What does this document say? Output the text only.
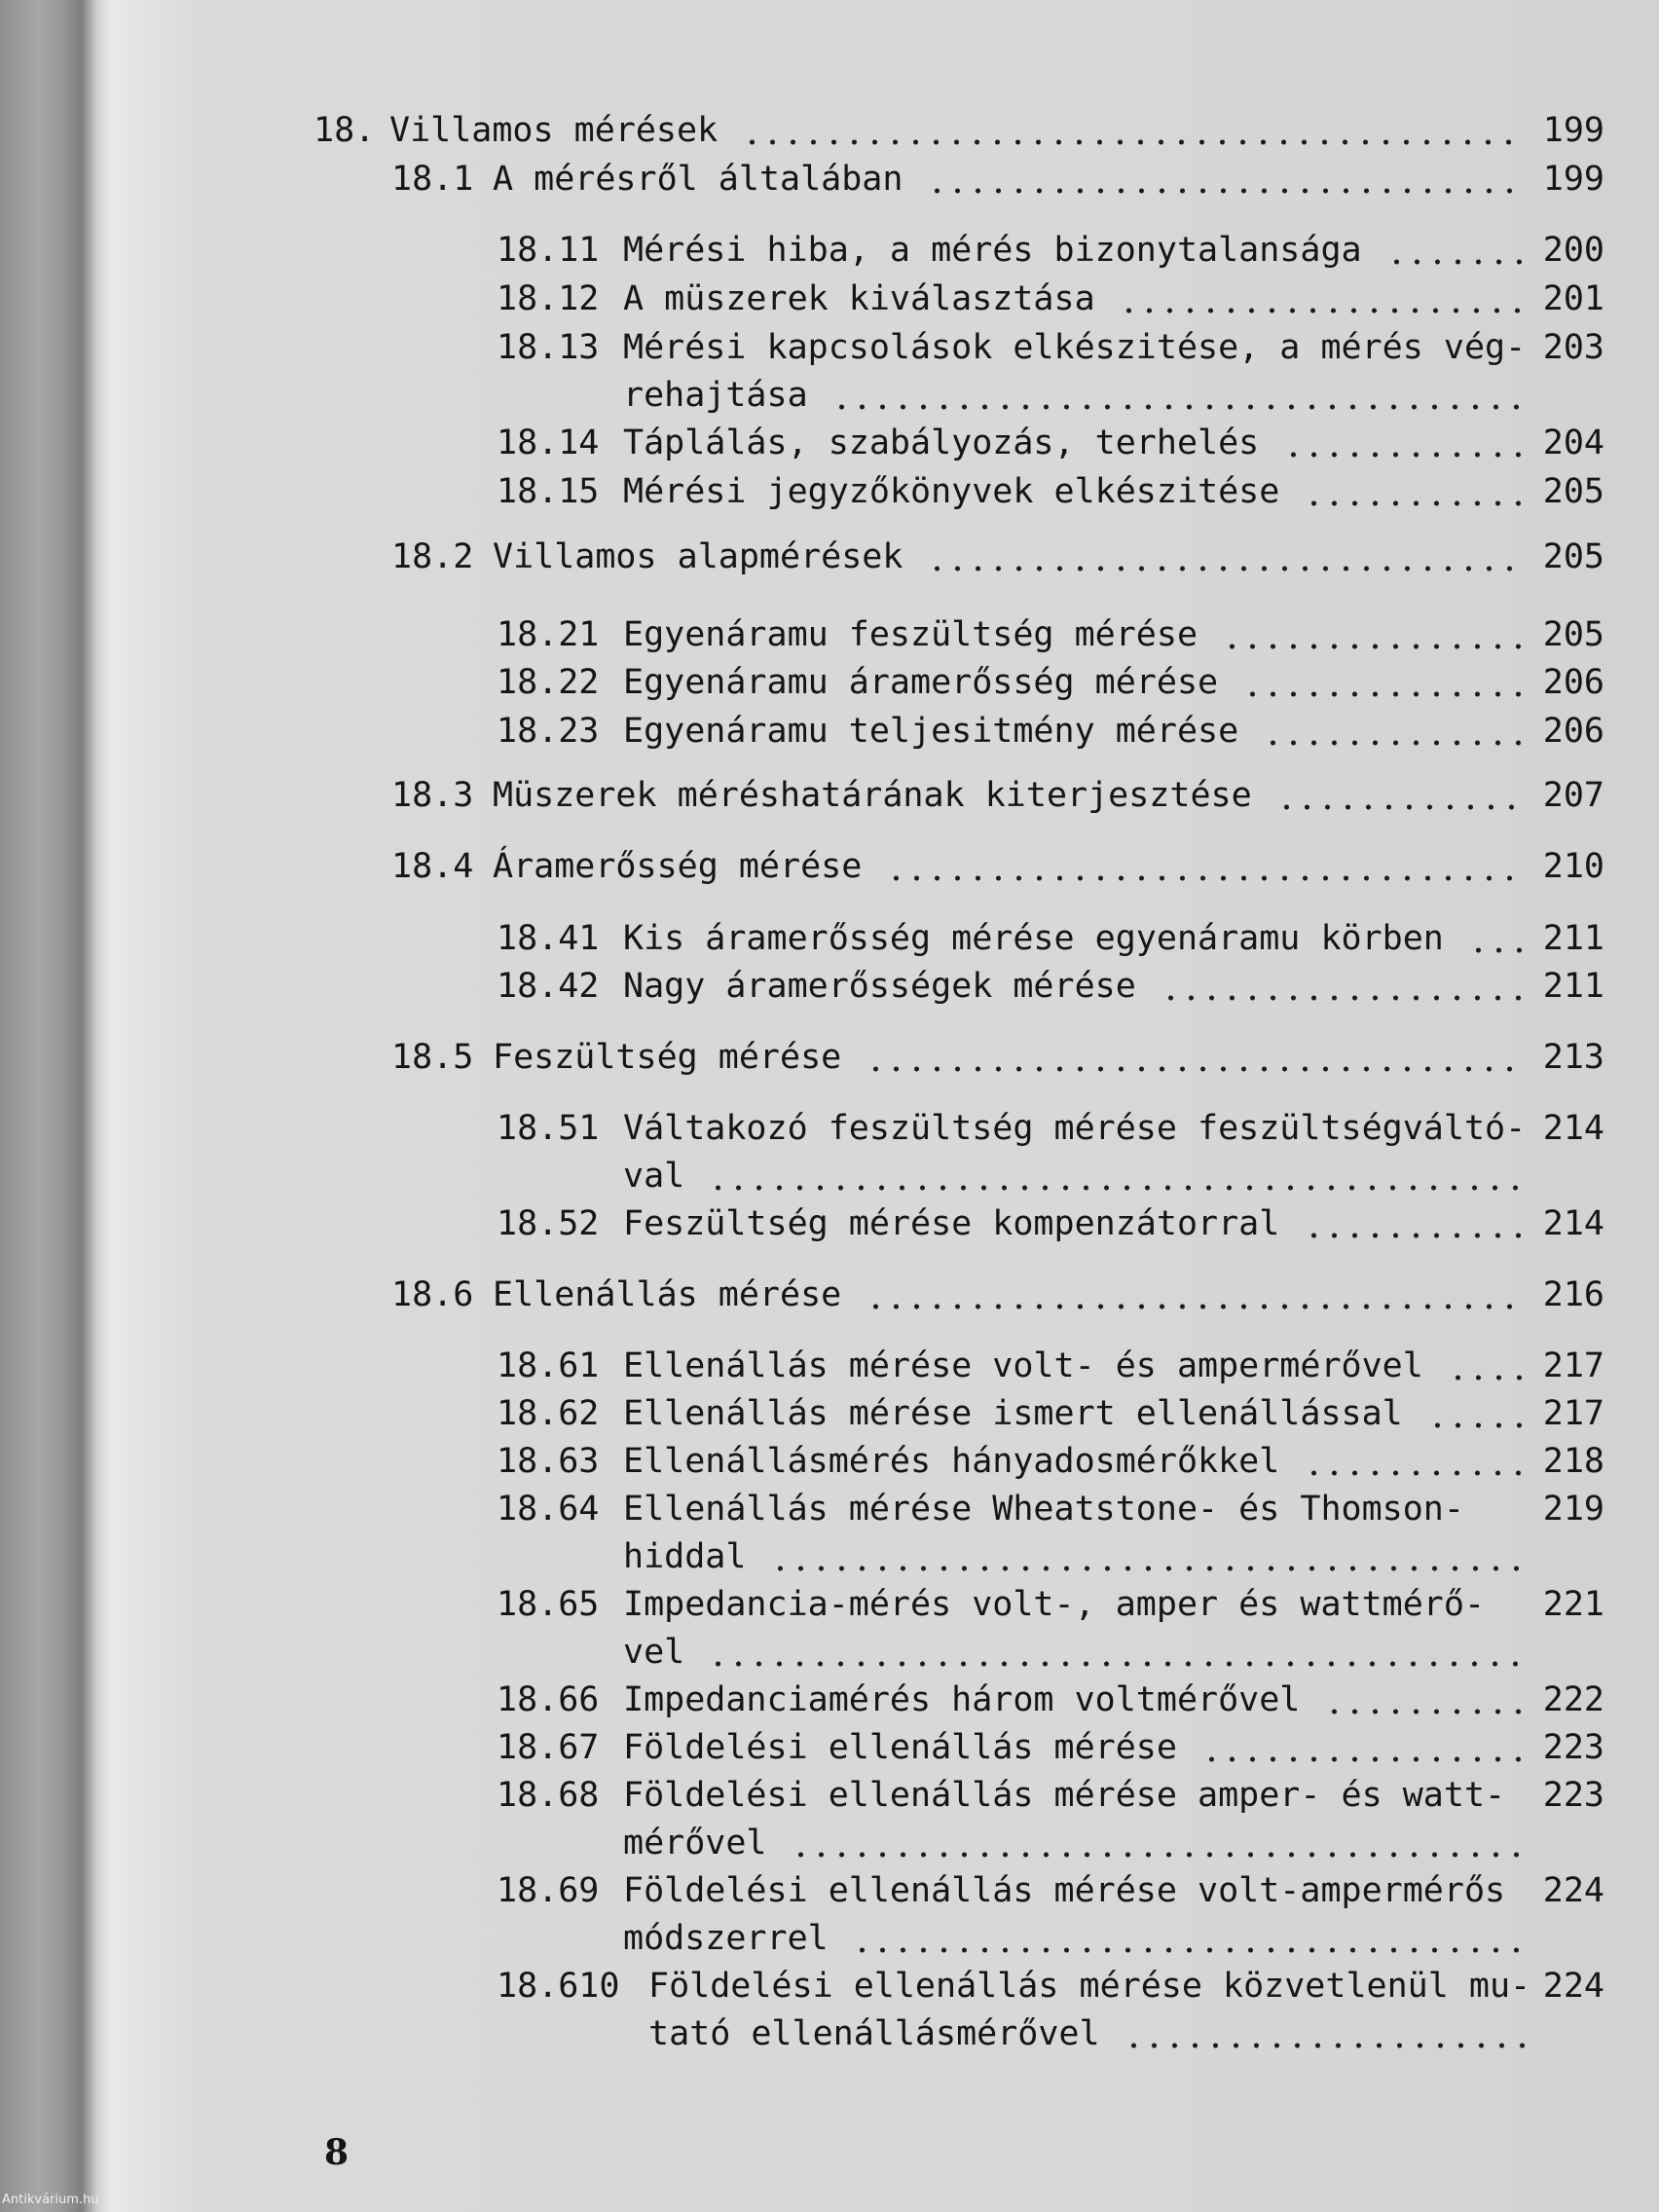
18. Villamos mérések	199
18.1 A mérésről általában	199
18.11 Mérési hiba, a mérés bizonytalansága	200
18.12 A müszerek kiválasztása	201
18.13 Mérési kapcsolások elkészitése, a mérés vég- 203
rehajtása
18.14 Táplálás, szabályozás, terhelés	204
18.15 Mérési jegyzőkönyvek elkészitése	205
18.2 Villamos alapmérések	205
18.21 Egyenáramu feszültség mérése	205
18.22 Egyenáramu áramerősség mérése	206
18.23 Egyenáramu teljesitmény mérése	206
18.3 Müszerek méréshatárának kiterjesztése	207
18.4 Áramerősség mérése	210
18.41 Kis áramerősség mérése egyenáramu körben	211
18.42 Nagy áramerősségek mérése	211
18.5 Feszültség mérése	213
18.51 Váltakozó feszültség mérése feszültségváltó- 214
val
18.52 Feszültség mérése kompenzátorral	214
18.6 Ellenállás mérése	216
18.61 Ellenállás mérése volt- és ampermérővel	217
18.62 Ellenállás mérése ismert ellenállással	217
18.63 Ellenállásmérés hányadosmérőkkel	218
18.64 Ellenállás mérése Wheatstone- és Thomson- 219
hiddal
18.65 Impedancia-mérés volt-, amper és wattmérő- 221
vel
18.66 Impedanciamérés három voltmérővel	222
18.67 Földelési ellenállás mérése	223
18.68 Földelési ellenállás mérése amper- és watt- 223
mérővel
18.69 Földelési ellenállás mérése volt-ampermérős 224
módszerrel
18.610 Földelési ellenállás mérése közvetlenül mu- 224
tató ellenállásmérővel
8
Antikvárium.hu
